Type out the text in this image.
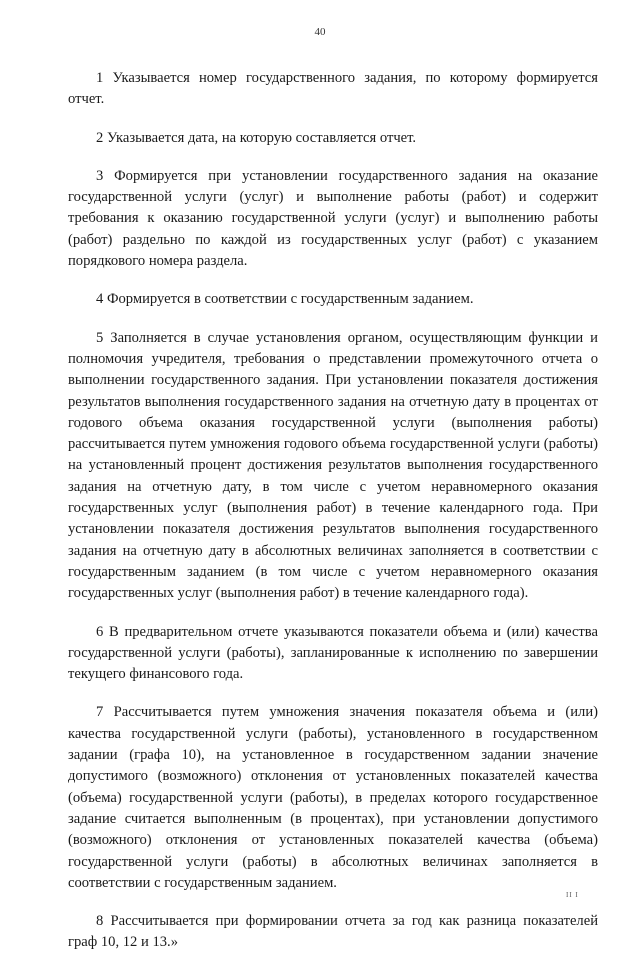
40

1 Указывается номер государственного задания, по которому формируется отчет.

2 Указывается дата, на которую составляется отчет.

3 Формируется при установлении государственного задания на оказание государственной услуги (услуг) и выполнение работы (работ) и содержит требования к оказанию государственной услуги (услуг) и выполнению работы (работ) раздельно по каждой из государственных услуг (работ) с указанием порядкового номера раздела.

4 Формируется в соответствии с государственным заданием.

5 Заполняется в случае установления органом, осуществляющим функции и полномочия учредителя, требования о представлении промежуточного отчета о выполнении государственного задания. При установлении показателя достижения результатов выполнения государственного задания на отчетную дату в процентах от годового объема оказания государственной услуги (выполнения работы) рассчитывается путем умножения годового объема государственной услуги (работы) на установленный процент достижения результатов выполнения государственного задания на отчетную дату, в том числе с учетом неравномерного оказания государственных услуг (выполнения работ) в течение календарного года. При установлении показателя достижения результатов выполнения государственного задания на отчетную дату в абсолютных величинах заполняется в соответствии с государственным заданием (в том числе с учетом неравномерного оказания государственных услуг (выполнения работ) в течение календарного года).

6 В предварительном отчете указываются показатели объема и (или) качества государственной услуги (работы), запланированные к исполнению по завершении текущего финансового года.

7 Рассчитывается путем умножения значения показателя объема и (или) качества государственной услуги (работы), установленного в государственном задании (графа 10), на установленное в государственном задании значение допустимого (возможного) отклонения от установленных показателей качества (объема) государственной услуги (работы), в пределах которого государственное задание считается выполненным (в процентах), при установлении допустимого (возможного) отклонения от установленных показателей качества (объема) государственной услуги (работы) в абсолютных величинах заполняется в соответствии с государственным заданием.

8 Рассчитывается при формировании отчета за год как разница показателей граф 10, 12 и 13.»

II I
